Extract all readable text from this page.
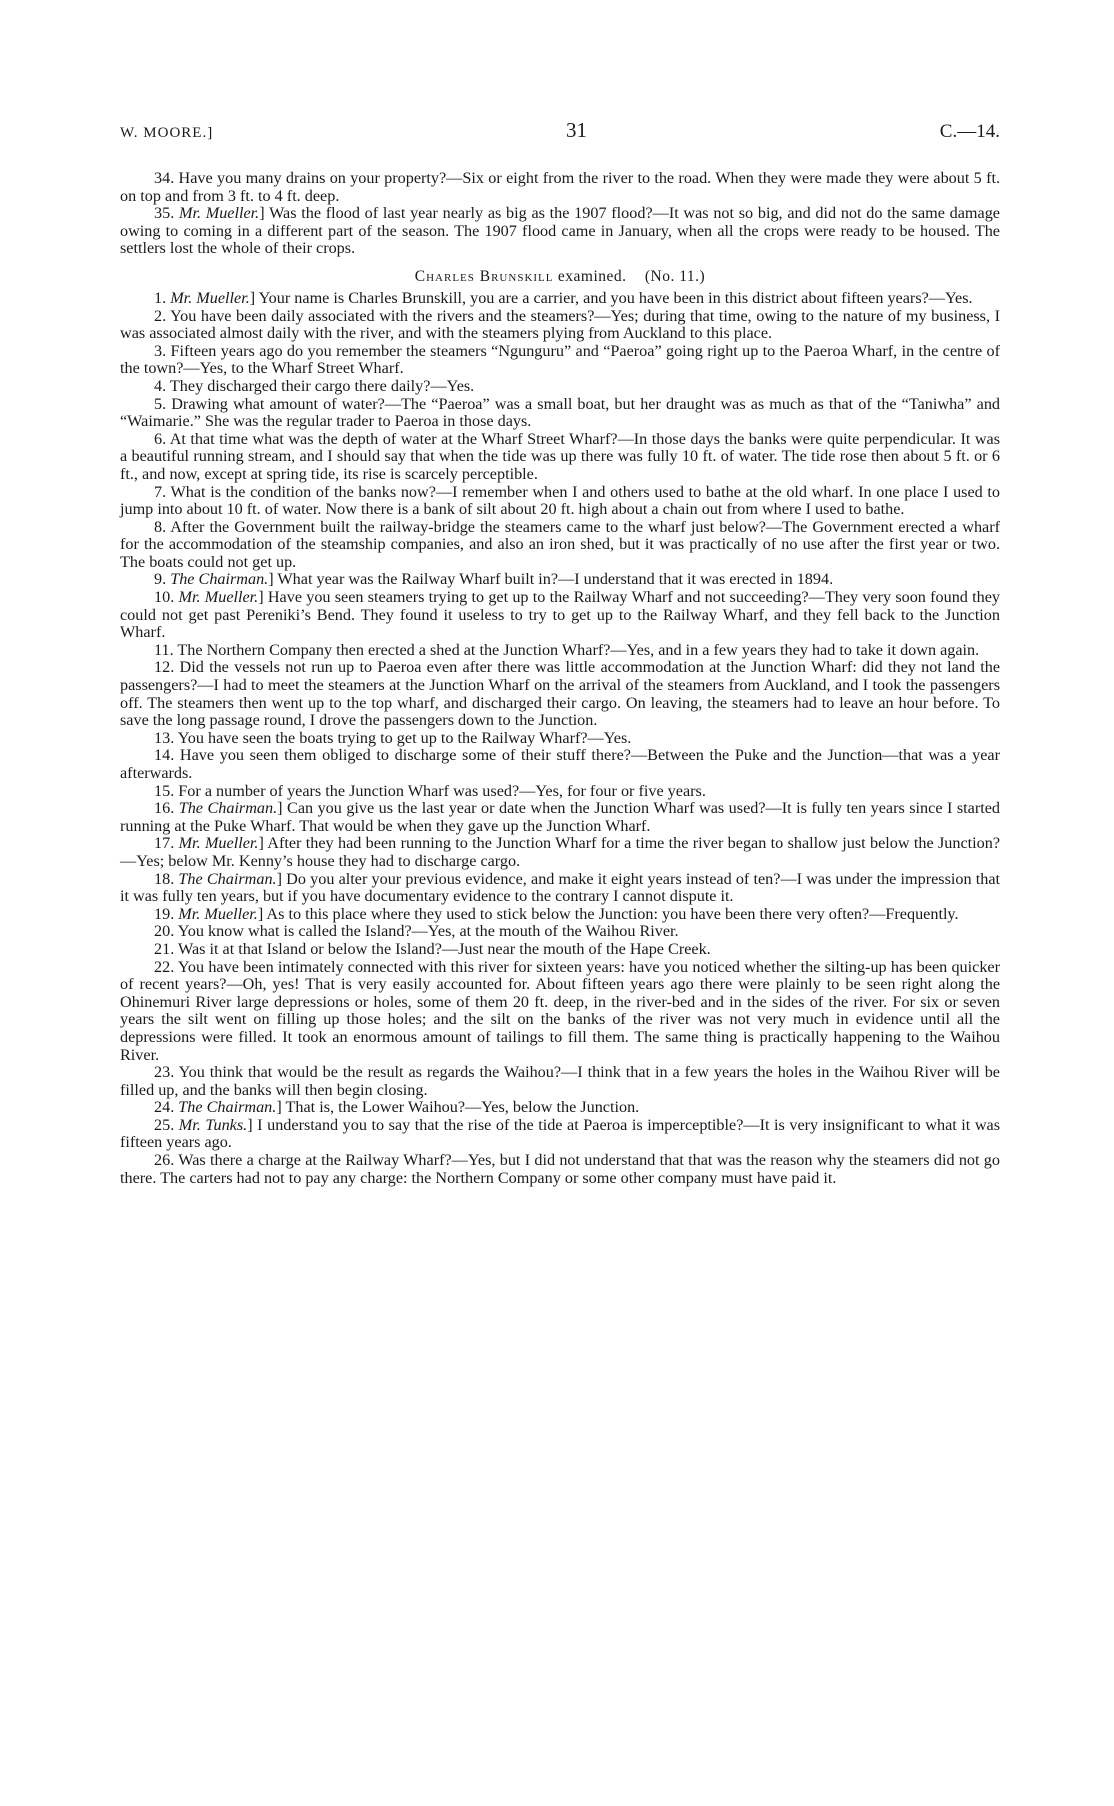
W. MOORE.]	31	C.—14.

34. Have you many drains on your property?—Six or eight from the river to the road. When they were made they were about 5 ft. on top and from 3 ft. to 4 ft. deep.

35. Mr. Mueller.] Was the flood of last year nearly as big as the 1907 flood?—It was not so big, and did not do the same damage owing to coming in a different part of the season. The 1907 flood came in January, when all the crops were ready to be housed. The settlers lost the whole of their crops.

Charles Brunskill examined. (No. 11.)

1. Mr. Mueller.] Your name is Charles Brunskill, you are a carrier, and you have been in this district about fifteen years?—Yes.

2. You have been daily associated with the rivers and the steamers?—Yes; during that time, owing to the nature of my business, I was associated almost daily with the river, and with the steamers plying from Auckland to this place.

3. Fifteen years ago do you remember the steamers “Ngunguru” and “Paeroa” going right up to the Paeroa Wharf, in the centre of the town?—Yes, to the Wharf Street Wharf.

4. They discharged their cargo there daily?—Yes.

5. Drawing what amount of water?—The “Paeroa” was a small boat, but her draught was as much as that of the “Taniwha” and “Waimarie.” She was the regular trader to Paeroa in those days.

6. At that time what was the depth of water at the Wharf Street Wharf?—In those days the banks were quite perpendicular. It was a beautiful running stream, and I should say that when the tide was up there was fully 10 ft. of water. The tide rose then about 5 ft. or 6 ft., and now, except at spring tide, its rise is scarcely perceptible.

7. What is the condition of the banks now?—I remember when I and others used to bathe at the old wharf. In one place I used to jump into about 10 ft. of water. Now there is a bank of silt about 20 ft. high about a chain out from where I used to bathe.

8. After the Government built the railway-bridge the steamers came to the wharf just below?—The Government erected a wharf for the accommodation of the steamship companies, and also an iron shed, but it was practically of no use after the first year or two. The boats could not get up.

9. The Chairman.] What year was the Railway Wharf built in?—I understand that it was erected in 1894.

10. Mr. Mueller.] Have you seen steamers trying to get up to the Railway Wharf and not succeeding?—They very soon found they could not get past Pereniki’s Bend. They found it useless to try to get up to the Railway Wharf, and they fell back to the Junction Wharf.

11. The Northern Company then erected a shed at the Junction Wharf?—Yes, and in a few years they had to take it down again.

12. Did the vessels not run up to Paeroa even after there was little accommodation at the Junction Wharf: did they not land the passengers?—I had to meet the steamers at the Junction Wharf on the arrival of the steamers from Auckland, and I took the passengers off. The steamers then went up to the top wharf, and discharged their cargo. On leaving, the steamers had to leave an hour before. To save the long passage round, I drove the passengers down to the Junction.

13. You have seen the boats trying to get up to the Railway Wharf?—Yes.

14. Have you seen them obliged to discharge some of their stuff there?—Between the Puke and the Junction—that was a year afterwards.

15. For a number of years the Junction Wharf was used?—Yes, for four or five years.

16. The Chairman.] Can you give us the last year or date when the Junction Wharf was used?—It is fully ten years since I started running at the Puke Wharf. That would be when they gave up the Junction Wharf.

17. Mr. Mueller.] After they had been running to the Junction Wharf for a time the river began to shallow just below the Junction?—Yes; below Mr. Kenny’s house they had to discharge cargo.

18. The Chairman.] Do you alter your previous evidence, and make it eight years instead of ten?—I was under the impression that it was fully ten years, but if you have documentary evidence to the contrary I cannot dispute it.

19. Mr. Mueller.] As to this place where they used to stick below the Junction: you have been there very often?—Frequently.

20. You know what is called the Island?—Yes, at the mouth of the Waihou River.

21. Was it at that Island or below the Island?—Just near the mouth of the Hape Creek.

22. You have been intimately connected with this river for sixteen years: have you noticed whether the silting-up has been quicker of recent years?—Oh, yes! That is very easily accounted for. About fifteen years ago there were plainly to be seen right along the Ohinemuri River large depressions or holes, some of them 20 ft. deep, in the river-bed and in the sides of the river. For six or seven years the silt went on filling up those holes; and the silt on the banks of the river was not very much in evidence until all the depressions were filled. It took an enormous amount of tailings to fill them. The same thing is practically happening to the Waihou River.

23. You think that would be the result as regards the Waihou?—I think that in a few years the holes in the Waihou River will be filled up, and the banks will then begin closing.

24. The Chairman.] That is, the Lower Waihou?—Yes, below the Junction.

25. Mr. Tunks.] I understand you to say that the rise of the tide at Paeroa is imperceptible?—It is very insignificant to what it was fifteen years ago.

26. Was there a charge at the Railway Wharf?—Yes, but I did not understand that that was the reason why the steamers did not go there. The carters had not to pay any charge: the Northern Company or some other company must have paid it.
